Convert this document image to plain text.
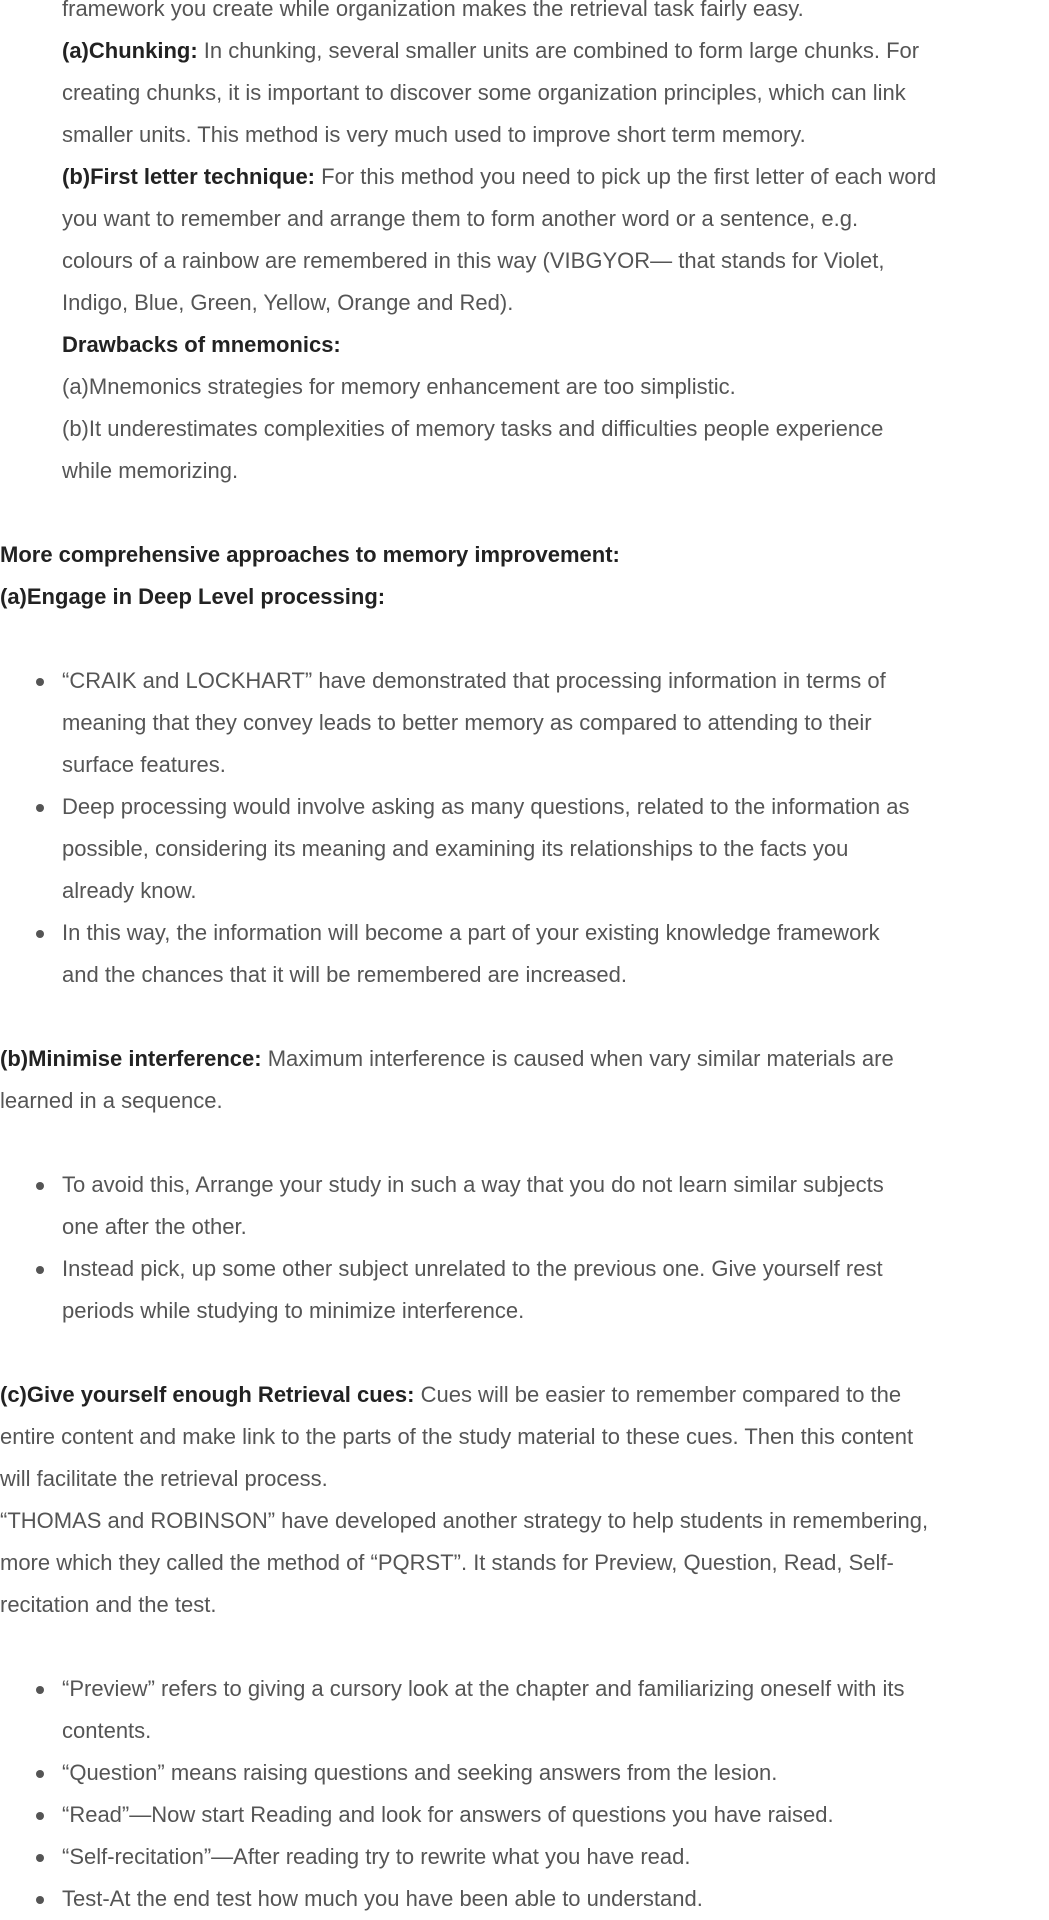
framework you create while organization makes the retrieval task fairly easy.

(a)Chunking: In chunking, several smaller units are combined to form large chunks. For

creating chunks, it is important to discover some organization principles, which can link

smaller units. This method is very much used to improve short term memory.

(b)First letter technique: For this method you need to pick up the first letter of each word

you want to remember and arrange them to form another word or a sentence, e.g.

colours of a rainbow are remembered in this way (VIBGYOR— that stands for Violet,

Indigo, Blue, Green, Yellow, Orange and Red).

Drawbacks of mnemonics:

(a)Mnemonics strategies for memory enhancement are too simplistic.

(b)It underestimates complexities of memory tasks and difficulties people experience

while memorizing.

More comprehensive approaches to memory improvement:

(a)Engage in Deep Level processing:

“CRAIK and LOCKHART” have demonstrated that processing information in terms of

meaning that they convey leads to better memory as compared to attending to their

surface features.

Deep processing would involve asking as many questions, related to the information as

possible, considering its meaning and examining its relationships to the facts you

already know.

In this way, the information will become a part of your existing knowledge framework

and the chances that it will be remembered are increased.

(b)Minimise interference: Maximum interference is caused when vary similar materials are

learned in a sequence.

To avoid this, Arrange your study in such a way that you do not learn similar subjects

one after the other.

Instead pick, up some other subject unrelated to the previous one. Give yourself rest

periods while studying to minimize interference.

(c)Give yourself enough Retrieval cues: Cues will be easier to remember compared to the

entire content and make link to the parts of the study material to these cues. Then this content

will facilitate the retrieval process.

“THOMAS and ROBINSON” have developed another strategy to help students in remembering,

more which they called the method of “PQRST”. It stands for Preview, Question, Read, Self-

recitation and the test.

“Preview” refers to giving a cursory look at the chapter and familiarizing oneself with its

contents.

“Question” means raising questions and seeking answers from the lesion.

“Read”—Now start Reading and look for answers of questions you have raised.

“Self-recitation”—After reading try to rewrite what you have read.

Test-At the end test how much you have been able to understand.
